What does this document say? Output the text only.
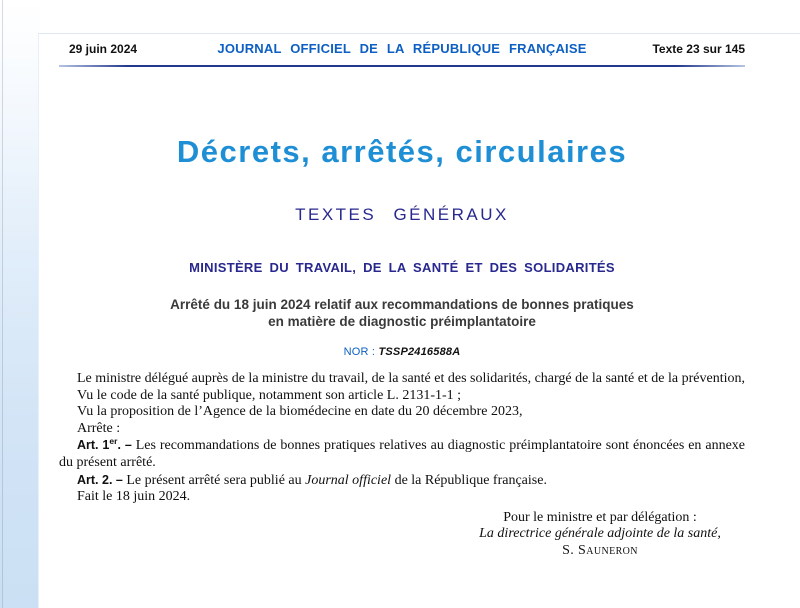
29 juin 2024	JOURNAL OFFICIEL DE LA RÉPUBLIQUE FRANÇAISE	Texte 23 sur 145
Décrets, arrêtés, circulaires
TEXTES GÉNÉRAUX
MINISTÈRE DU TRAVAIL, DE LA SANTÉ ET DES SOLIDARITÉS
Arrêté du 18 juin 2024 relatif aux recommandations de bonnes pratiques
en matière de diagnostic préimplantatoire
NOR : TSSP2416588A

Le ministre délégué auprès de la ministre du travail, de la santé et des solidarités, chargé de la santé et de la prévention,

Vu le code de la santé publique, notamment son article L. 2131-1-1 ;

Vu la proposition de l’Agence de la biomédecine en date du 20 décembre 2023,

Arrête :

Art. 1er. – Les recommandations de bonnes pratiques relatives au diagnostic préimplantatoire sont énoncées en annexe du présent arrêté.

Art. 2. – Le présent arrêté sera publié au Journal officiel de la République française.

Fait le 18 juin 2024.

Pour le ministre et par délégation :
La directrice générale adjointe de la santé,
S. Sauneron
